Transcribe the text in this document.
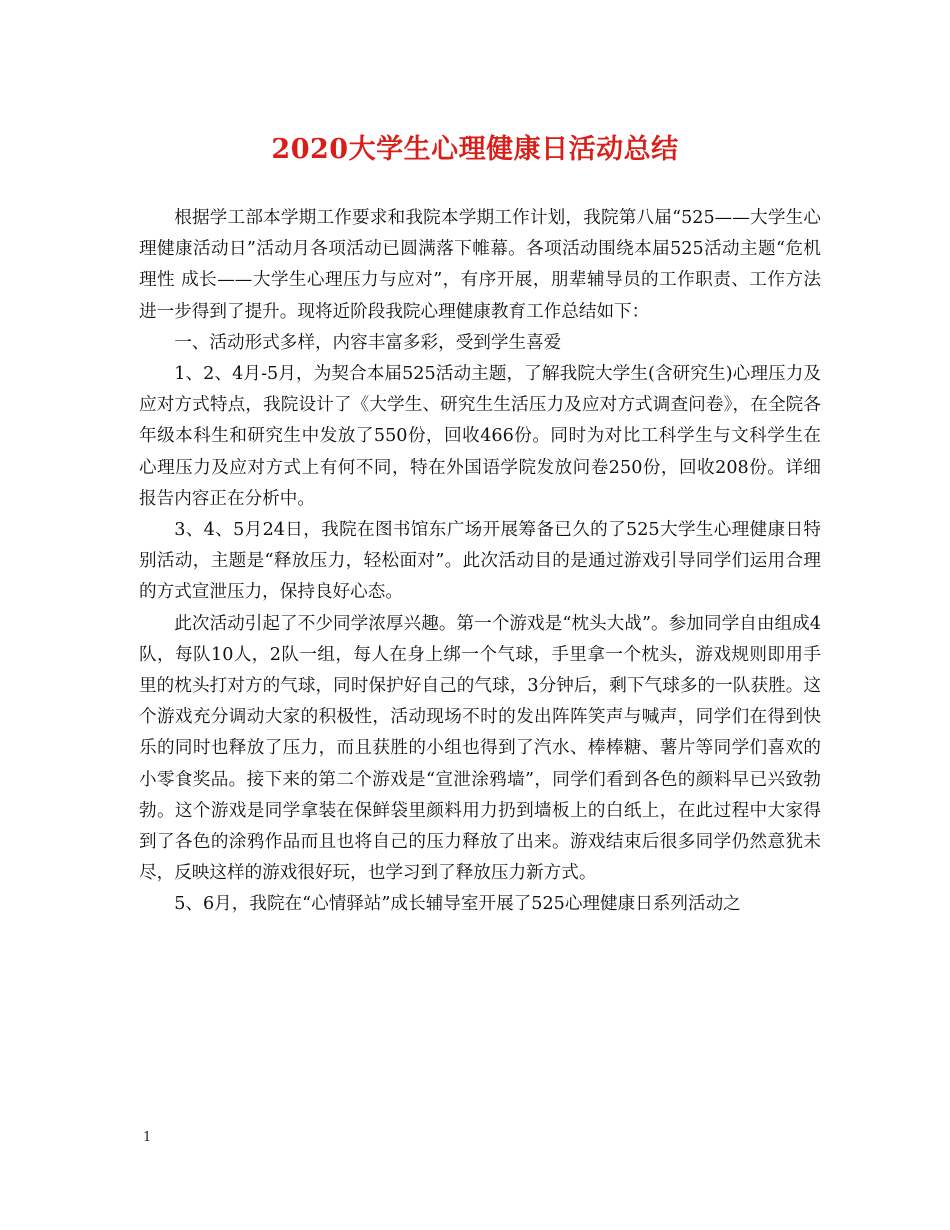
2020大学生心理健康日活动总结

根据学工部本学期工作要求和我院本学期工作计划，我院第八届“525——大学生心理健康活动日”活动月各项活动已圆满落下帷幕。各项活动围绕本届525活动主题“危机 理性 成长——大学生心理压力与应对”，有序开展，朋辈辅导员的工作职责、工作方法进一步得到了提升。现将近阶段我院心理健康教育工作总结如下：

一、活动形式多样，内容丰富多彩，受到学生喜爱

1、2、4月-5月，为契合本届525活动主题，了解我院大学生(含研究生)心理压力及应对方式特点，我院设计了《大学生、研究生生活压力及应对方式调查问卷》，在全院各年级本科生和研究生中发放了550份，回收466份。同时为对比工科学生与文科学生在心理压力及应对方式上有何不同，特在外国语学院发放问卷250份，回收208份。详细报告内容正在分析中。

3、4、5月24日，我院在图书馆东广场开展筹备已久的了525大学生心理健康日特别活动，主题是“释放压力，轻松面对”。此次活动目的是通过游戏引导同学们运用合理的方式宣泄压力，保持良好心态。

此次活动引起了不少同学浓厚兴趣。第一个游戏是“枕头大战”。参加同学自由组成4队，每队10人，2队一组，每人在身上绑一个气球，手里拿一个枕头，游戏规则即用手里的枕头打对方的气球，同时保护好自己的气球，3分钟后，剩下气球多的一队获胜。这个游戏充分调动大家的积极性，活动现场不时的发出阵阵笑声与喊声，同学们在得到快乐的同时也释放了压力，而且获胜的小组也得到了汽水、棒棒糖、薯片等同学们喜欢的小零食奖品。接下来的第二个游戏是“宣泄涂鸦墙”，同学们看到各色的颜料早已兴致勃勃。这个游戏是同学拿装在保鲜袋里颜料用力扔到墙板上的白纸上，在此过程中大家得到了各色的涂鸦作品而且也将自己的压力释放了出来。游戏结束后很多同学仍然意犹未尽，反映这样的游戏很好玩，也学习到了释放压力新方式。

5、6月，我院在“心情驿站”成长辅导室开展了525心理健康日系列活动之

1
